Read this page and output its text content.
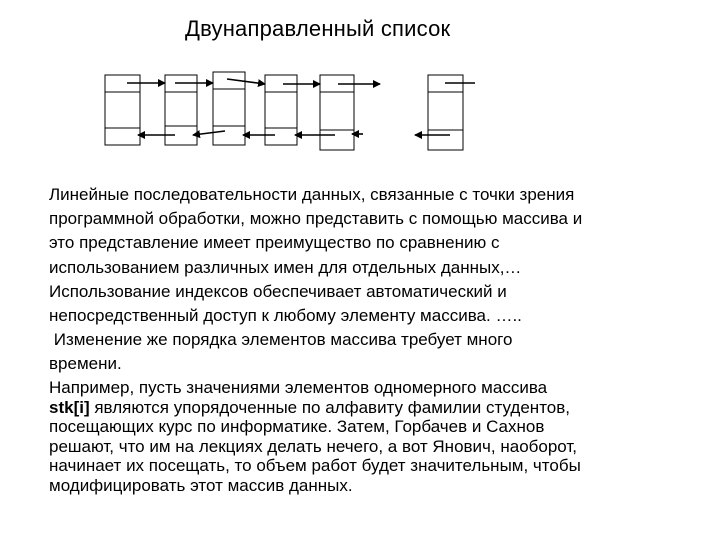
Двунаправленный список
Линейные последовательности данных, связанные с точки зрения
программной обработки, можно представить с помощью массива и
это представление имеет преимущество по сравнению с
использованием различных имен для отдельных данных,…
Использование индексов обеспечивает автоматический и
непосредственный доступ к любому элементу массива. …..
Изменение же порядка элементов массива требует много
времени.
Например, пусть значениями элементов одномерного массива
stk[i] являются упорядоченные по алфавиту фамилии студентов,
посещающих курс по информатике. Затем, Горбачев и Сахнов
решают, что им на лекциях делать нечего, а вот Янович, наоборот,
начинает их посещать, то объем работ будет значительным, чтобы
модифицировать этот массив данных.
